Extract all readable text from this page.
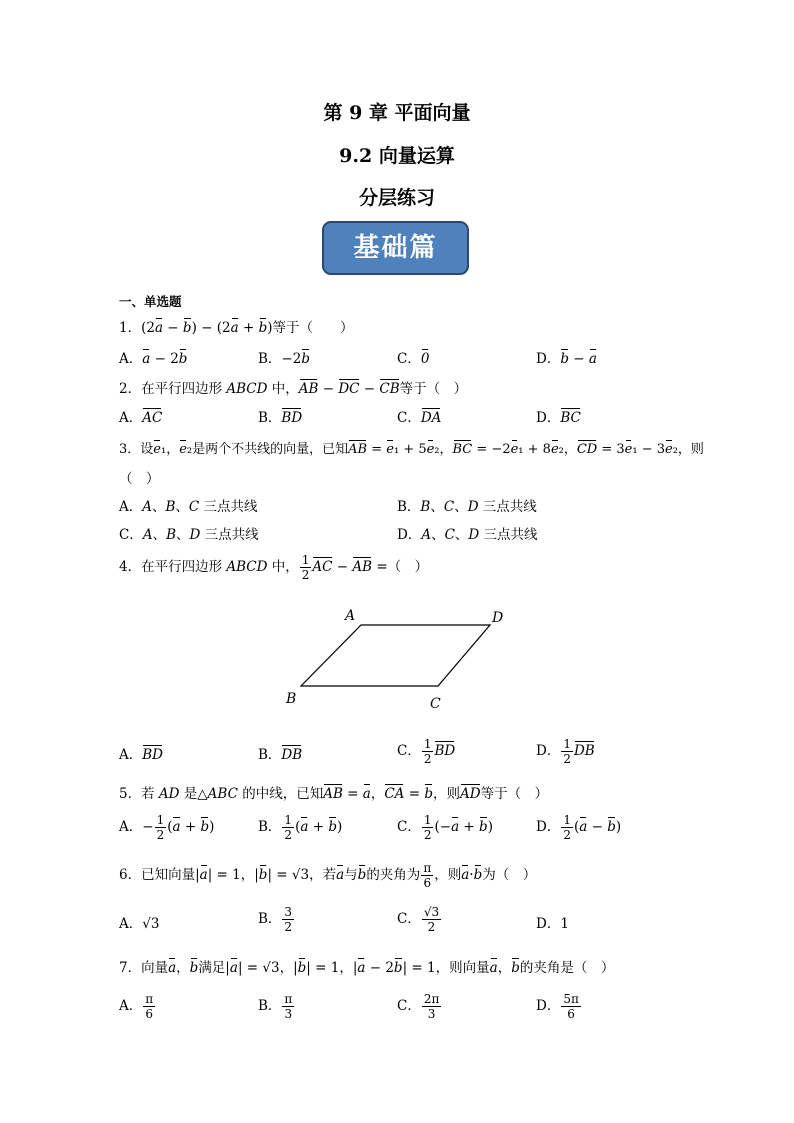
第 9 章 平面向量
9.2 向量运算
分层练习
基础篇
一、单选题
1．(2a − b) − (2a + b)等于（　　）
A．a − 2b	B．−2b	C．0	D．b − a
2．在平行四边形 ABCD 中，AB − DC − CB等于（　）
A．AC	B．BD	C．DA	D．BC
3．设e₁，e₂是两个不共线的向量，已知AB = e₁ + 5e₂，BC = −2e₁ + 8e₂，CD = 3e₁ − 3e₂，则
（　）
A．A、B、C 三点共线	B．B、C、D 三点共线
C．A、B、D 三点共线	D．A、C、D 三点共线
4．在平行四边形 ABCD 中， $\frac{1}{2}$ AC − AB =（　）
A	D
B	C
A．BD	B．DB	C． $\frac{1}{2}$ BD	D． $\frac{1}{2}$ DB
5．若 AD 是△ABC 的中线，已知AB = a，CA = b，则AD等于（　）
A．− $\frac{1}{2} (a + b)$	B． $\frac{1}{2} (a + b)$	C． $\frac{1}{2} (-a + b)$	D． $\frac{1}{2} (a - b)$
6．已知向量|a| = 1，|b| = √3，若a与b的夹角为 $\frac{\pi}{6}$ ，则a·b为（　）
A．√3	B． $\frac{3}{2}$	C． $\frac{√3}{2}$	D．1
7．向量a，b满足|a| = √3，|b| = 1，|a − 2b| = 1，则向量a，b的夹角是（　）
A． $\frac{\pi}{6}$	B． $\frac{\pi}{3}$	C． $\frac{2\pi}{3}$	D． $\frac{5\pi}{6}$
